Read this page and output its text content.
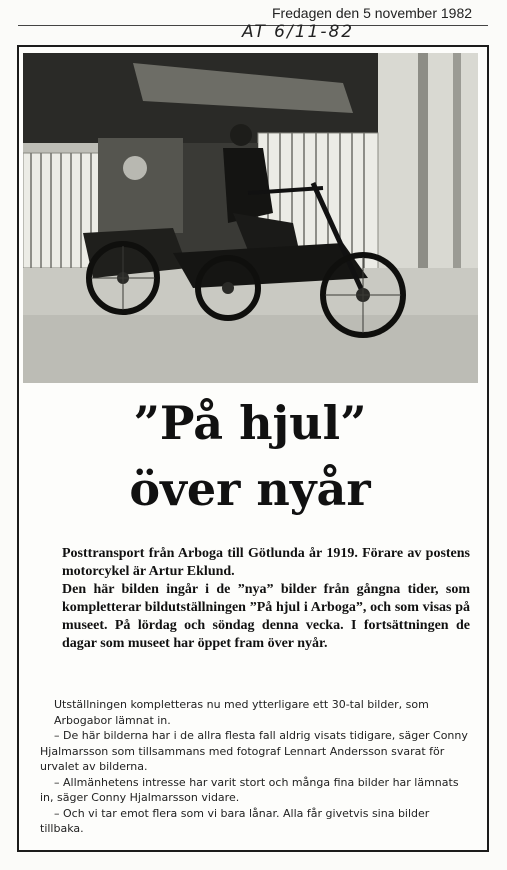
Fredagen den 5 november 1982
AT 6/11-82
”På hjul”
över nyår

Posttransport från Arboga till Götlunda år 1919. Förare av postens motorcykel är Artur Eklund.

Den här bilden ingår i de ”nya” bilder från gångna tider, som kompletterar bildutställningen ”På hjul i Arboga”, och som visas på museet. På lördag och söndag denna vecka. I fortsättningen de dagar som museet har öppet fram över nyår.

Utställningen kompletteras nu med ytterligare ett 30-tal bilder, som Arbogabor lämnat in.

– De här bilderna har i de allra flesta fall aldrig visats tidigare, säger Conny Hjalmarsson som tillsammans med fotograf Lennart Andersson svarat för urvalet av bilderna.

– Allmänhetens intresse har varit stort och många fina bilder har lämnats in, säger Conny Hjalmarsson vidare.

– Och vi tar emot flera som vi bara lånar. Alla får givetvis sina bilder tillbaka.
